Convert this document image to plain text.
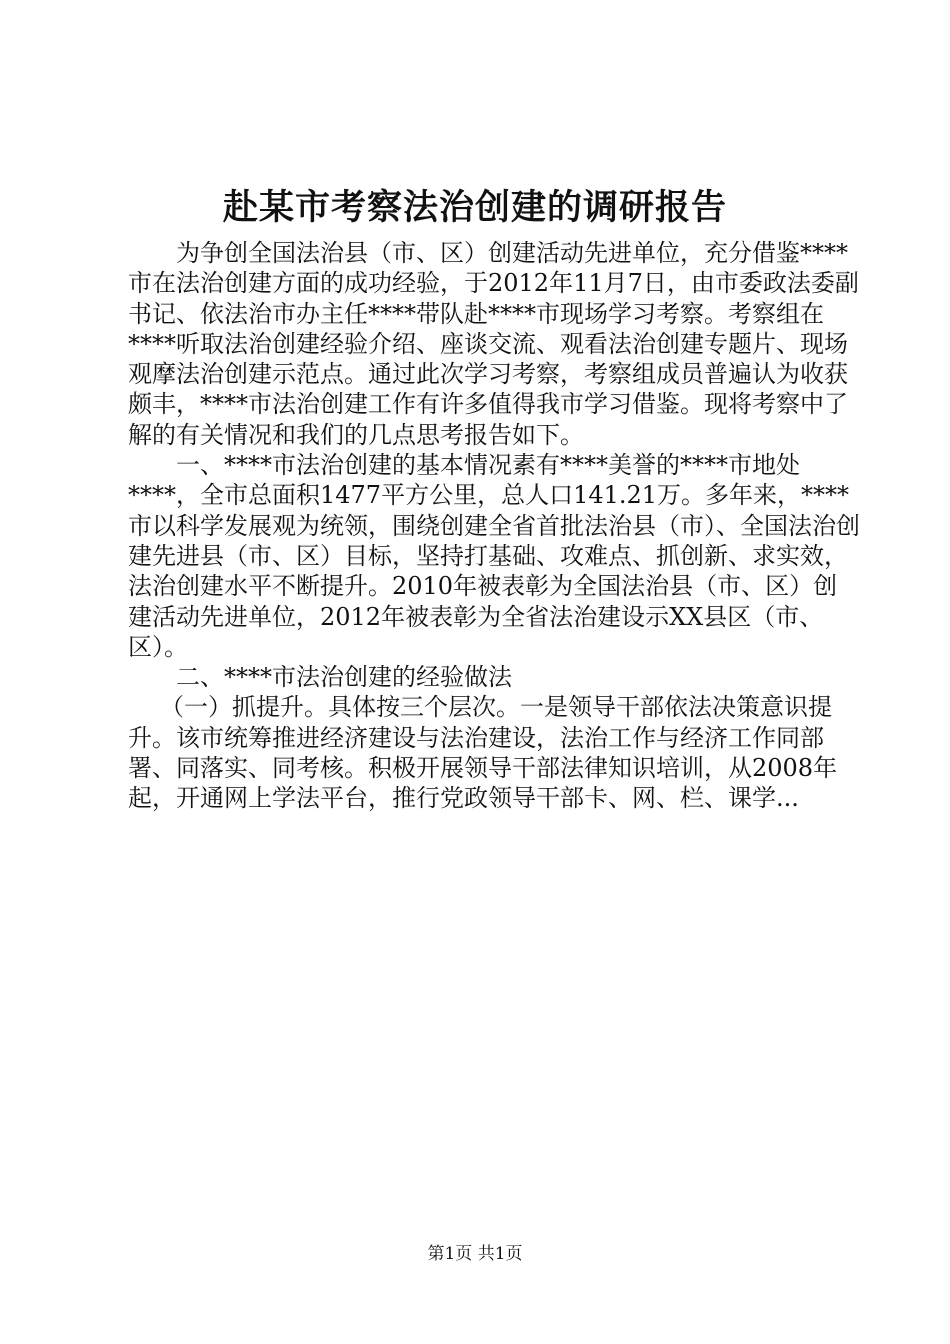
赴某市考察法治创建的调研报告

为争创全国法治县（市、区）创建活动先进单位，充分借鉴****市在法治创建方面的成功经验，于2012年11月7日，由市委政法委副书记、依法治市办主任****带队赴****市现场学习考察。考察组在****听取法治创建经验介绍、座谈交流、观看法治创建专题片、现场观摩法治创建示范点。通过此次学习考察，考察组成员普遍认为收获颇丰，****市法治创建工作有许多值得我市学习借鉴。现将考察中了解的有关情况和我们的几点思考报告如下。

一、****市法治创建的基本情况素有****美誉的****市地处****，全市总面积1477平方公里，总人口141.21万。多年来，****市以科学发展观为统领，围绕创建全省首批法治县（市）、全国法治创建先进县（市、区）目标，坚持打基础、攻难点、抓创新、求实效，法治创建水平不断提升。2010年被表彰为全国法治县（市、区）创建活动先进单位，2012年被表彰为全省法治建设示XX县区（市、区）。

二、****市法治创建的经验做法

（一）抓提升。具体按三个层次。一是领导干部依法决策意识提升。该市统筹推进经济建设与法治建设，法治工作与经济工作同部署、同落实、同考核。积极开展领导干部法律知识培训，从2008年起，开通网上学法平台，推行党政领导干部卡、网、栏、课学...

第1页 共1页
